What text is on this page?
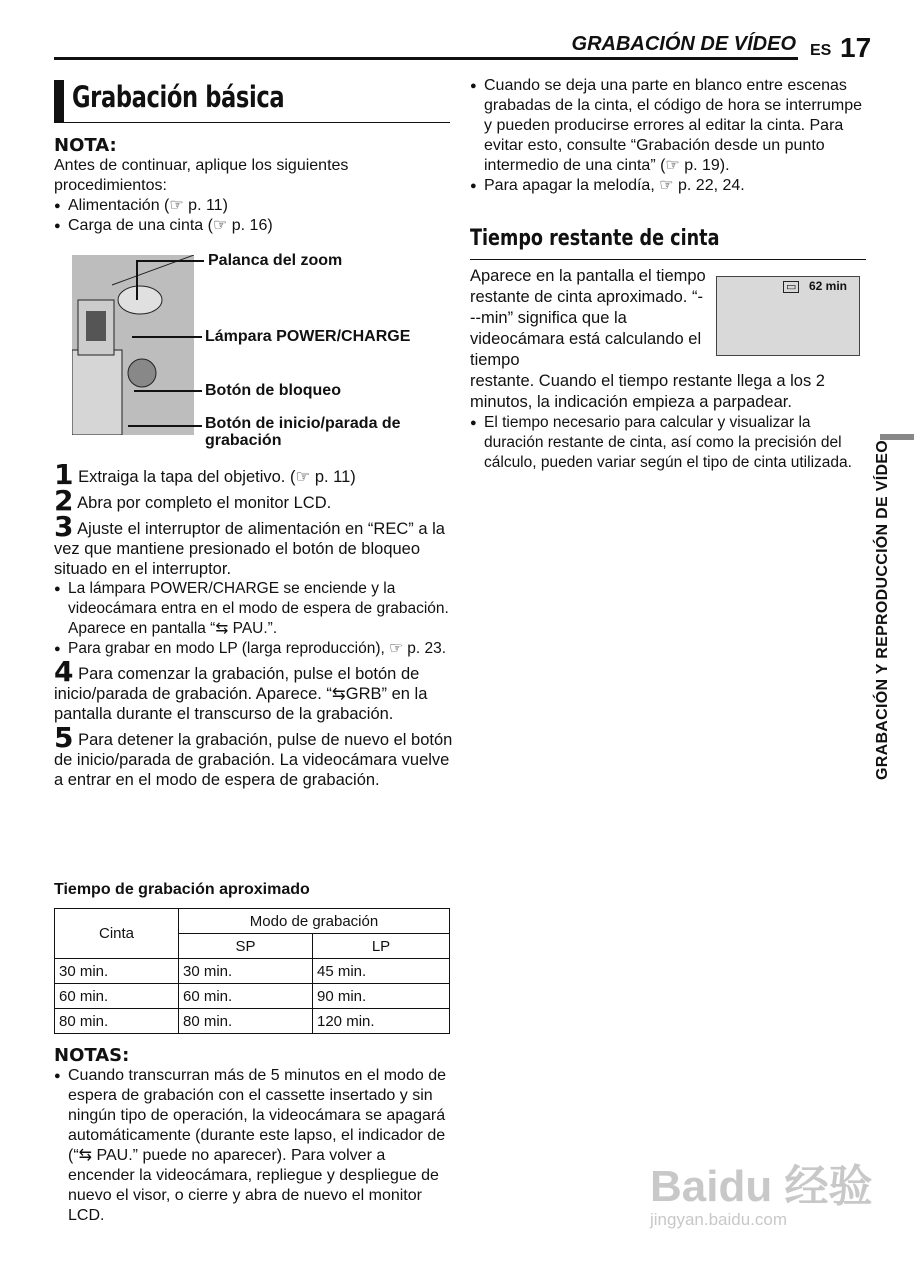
GRABACIÓN DE VÍDEO ES 17
Grabación básica
NOTA:
Antes de continuar, aplique los siguientes procedimientos:
● Alimentación (☞ p. 11)
● Carga de una cinta (☞ p. 16)
Palanca del zoom
Lámpara POWER/CHARGE
Botón de bloqueo
Botón de inicio/parada de grabación
1 Extraiga la tapa del objetivo. (☞ p. 11)
2 Abra por completo el monitor LCD.
3 Ajuste el interruptor de alimentación en “REC” a la vez que mantiene presionado el botón de bloqueo situado en el interruptor.
● La lámpara POWER/CHARGE se enciende y la videocámara entra en el modo de espera de grabación. Aparece en pantalla “⇆ PAU.”.
● Para grabar en modo LP (larga reproducción), ☞ p. 23.
4 Para comenzar la grabación, pulse el botón de inicio/parada de grabación. Aparece. “⇆GRB” en la pantalla durante el transcurso de la grabación.
5 Para detener la grabación, pulse de nuevo el botón de inicio/parada de grabación. La videocámara vuelve a entrar en el modo de espera de grabación.
Tiempo de grabación aproximado
Cinta	Modo de grabación	
	SP	LP
30 min.	30 min.	45 min.
60 min.	60 min.	90 min.
80 min.	80 min.	120 min.
NOTAS:
● Cuando transcurran más de 5 minutos en el modo de espera de grabación con el cassette insertado y sin ningún tipo de operación, la videocámara se apagará automáticamente (durante este lapso, el indicador de (“⇆ PAU.” puede no aparecer). Para volver a encender la videocámara, repliegue y despliegue de nuevo el visor, o cierre y abra de nuevo el monitor LCD.
● Cuando se deja una parte en blanco entre escenas grabadas de la cinta, el código de hora se interrumpe y pueden producirse errores al editar la cinta. Para evitar esto, consulte “Grabación desde un punto intermedio de una cinta” (☞ p. 19).
● Para apagar la melodía, ☞ p. 22, 24.
Tiempo restante de cinta
Aparece en la pantalla el tiempo restante de cinta aproximado. “---min” significa que la videocámara está calculando el tiempo
▭ 62 min
restante. Cuando el tiempo restante llega a los 2 minutos, la indicación empieza a parpadear.
● El tiempo necesario para calcular y visualizar la duración restante de cinta, así como la precisión del cálculo, pueden variar según el tipo de cinta utilizada.	GRABACIÓN Y REPRODUCCIÓN DE VÍDEO
Baidu 经验
jingyan.baidu.com
